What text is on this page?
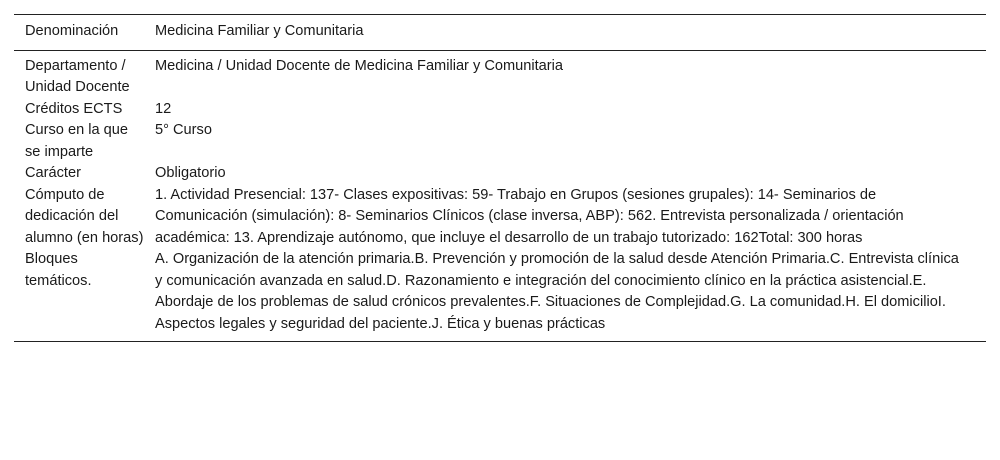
Denominación	Medicina Familiar y Comunitaria
Departamento / Unidad Docente	Medicina / Unidad Docente de Medicina Familiar y Comunitaria
Créditos ECTS	12
Curso en la que se imparte	5° Curso
Carácter	Obligatorio
Cómputo de dedicación del alumno (en horas)	1. Actividad Presencial: 137- Clases expositivas: 59- Trabajo en Grupos (sesiones grupales): 14- Seminarios de Comunicación (simulación): 8- Seminarios Clínicos (clase inversa, ABP): 562. Entrevista personalizada / orientación académica: 13. Aprendizaje autónomo, que incluye el desarrollo de un trabajo tutorizado: 162Total: 300 horas
Bloques temáticos.	A. Organización de la atención primaria.B. Prevención y promoción de la salud desde Atención Primaria.C. Entrevista clínica y comunicación avanzada en salud.D. Razonamiento e integración del conocimiento clínico en la práctica asistencial.E. Abordaje de los problemas de salud crónicos prevalentes.F. Situaciones de Complejidad.G. La comunidad.H. El domicilioI. Aspectos legales y seguridad del paciente.J. Ética y buenas prácticas
